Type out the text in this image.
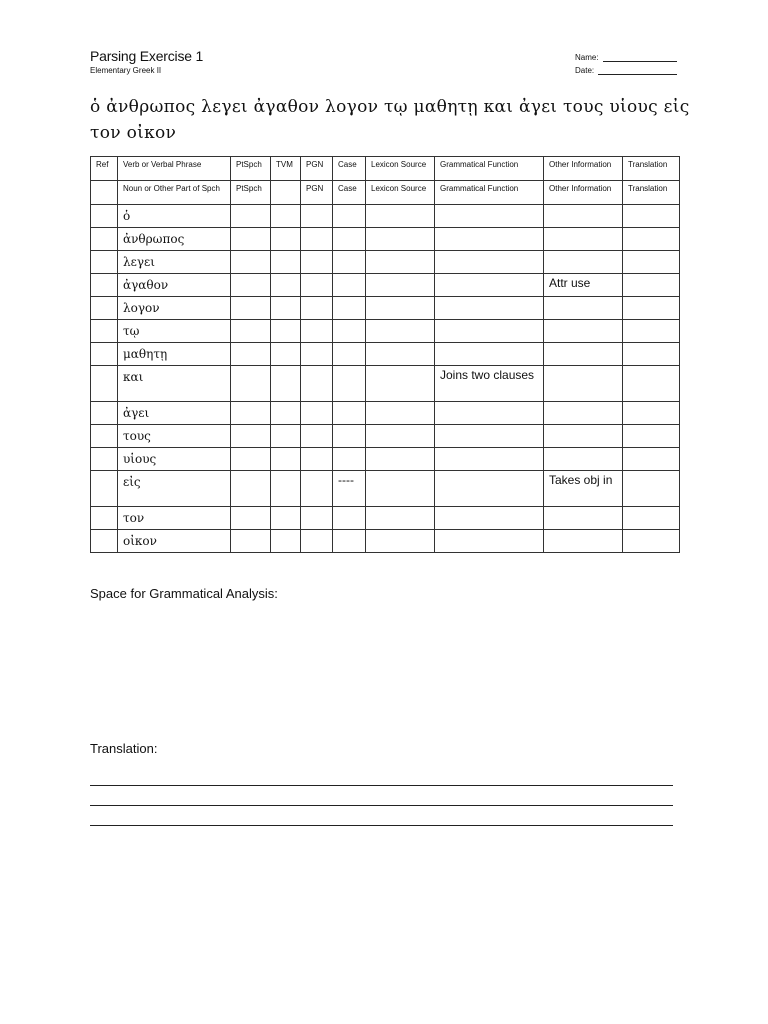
Parsing Exercise 1
Elementary Greek II
Name:
Date:
ὁ ἀνθρωπος λεγει ἀγαθον λογον τῳ μαθητῃ και ἀγει τους υἱους εἰς τον οἰκον
Ref	Verb or Verbal Phrase	PtSpch	TVM	PGN	Case	Lexicon Source	Grammatical Function	Other Information	Translation
	Noun or Other Part of Spch	PtSpch		PGN	Case	Lexicon Source	Grammatical Function	Other Information	Translation
	ὁ								
	ἀνθρωπος								
	λεγει								
	ἀγαθον							Attr use	
	λογον								
	τῳ								
	μαθητῃ								
	και						Joins two clauses		
	ἀγει								
	τους								
	υἱους								
	εἰς				----			Takes obj in	
	τον								
	οἰκον								
Space for Grammatical Analysis:
Translation:
